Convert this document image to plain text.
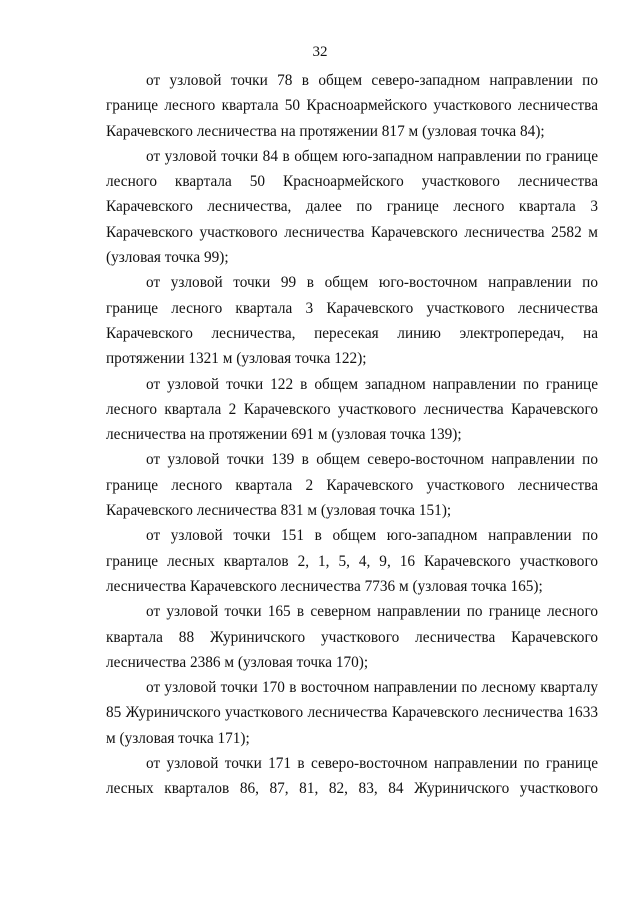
32

от узловой точки 78 в общем северо-западном направлении по границе лесного квартала 50 Красноармейского участкового лесничества Карачевского лесничества на протяжении 817 м (узловая точка 84);

от узловой точки 84 в общем юго-западном направлении по границе лесного квартала 50 Красноармейского участкового лесничества Карачевского лесничества, далее по границе лесного квартала 3 Карачевского участкового лесничества Карачевского лесничества 2582 м (узловая точка 99);

от узловой точки 99 в общем юго-восточном направлении по границе лесного квартала 3 Карачевского участкового лесничества Карачевского лесничества, пересекая линию электропередач, на протяжении 1321 м (узловая точка 122);

от узловой точки 122 в общем западном направлении по границе лесного квартала 2 Карачевского участкового лесничества Карачевского лесничества на протяжении 691 м (узловая точка 139);

от узловой точки 139 в общем северо-восточном направлении по границе лесного квартала 2 Карачевского участкового лесничества Карачевского лесничества 831 м (узловая точка 151);

от узловой точки 151 в общем юго-западном направлении по границе лесных кварталов 2, 1, 5, 4, 9, 16 Карачевского участкового лесничества Карачевского лесничества 7736 м (узловая точка 165);

от узловой точки 165 в северном направлении по границе лесного квартала 88 Журиничского участкового лесничества Карачевского лесничества 2386 м (узловая точка 170);

от узловой точки 170 в восточном направлении по лесному кварталу 85 Журиничского участкового лесничества Карачевского лесничества 1633 м (узловая точка 171);

от узловой точки 171 в северо-восточном направлении по границе лесных кварталов 86, 87, 81, 82, 83, 84 Журиничского участкового
